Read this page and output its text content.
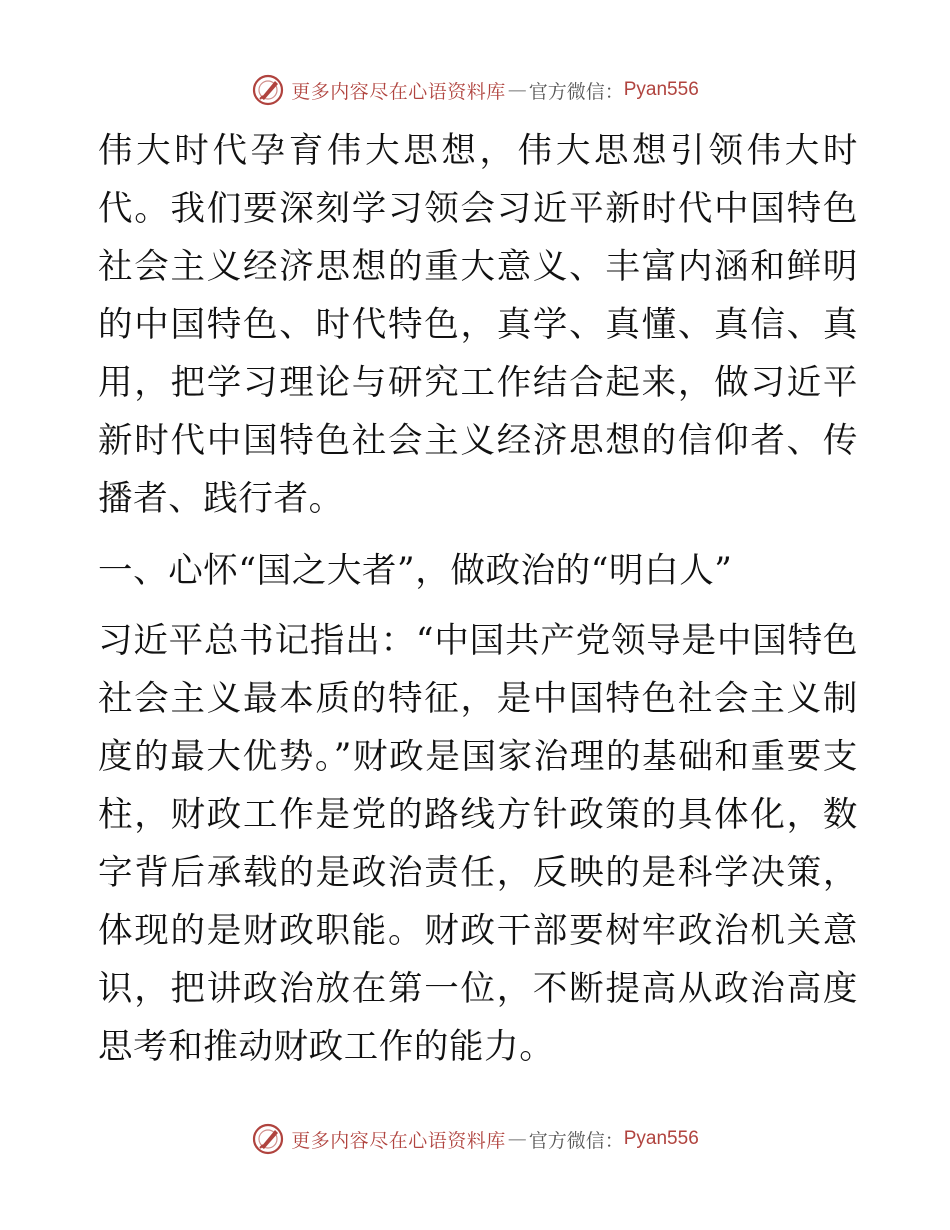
更多内容尽在心语资料库 — 官方微信： Pyan556

伟大时代孕育伟大思想，伟大思想引领伟大时代。我们要深刻学习领会习近平新时代中国特色社会主义经济思想的重大意义、丰富内涵和鲜明的中国特色、时代特色，真学、真懂、真信、真用，把学习理论与研究工作结合起来，做习近平新时代中国特色社会主义经济思想的信仰者、传播者、践行者。

一、心怀“国之大者”，做政治的“明白人”

习近平总书记指出：“中国共产党领导是中国特色社会主义最本质的特征，是中国特色社会主义制度的最大优势。”财政是国家治理的基础和重要支柱，财政工作是党的路线方针政策的具体化，数字背后承载的是政治责任，反映的是科学决策，体现的是财政职能。财政干部要树牢政治机关意识，把讲政治放在第一位，不断提高从政治高度思考和推动财政工作的能力。

更多内容尽在心语资料库 — 官方微信： Pyan556
